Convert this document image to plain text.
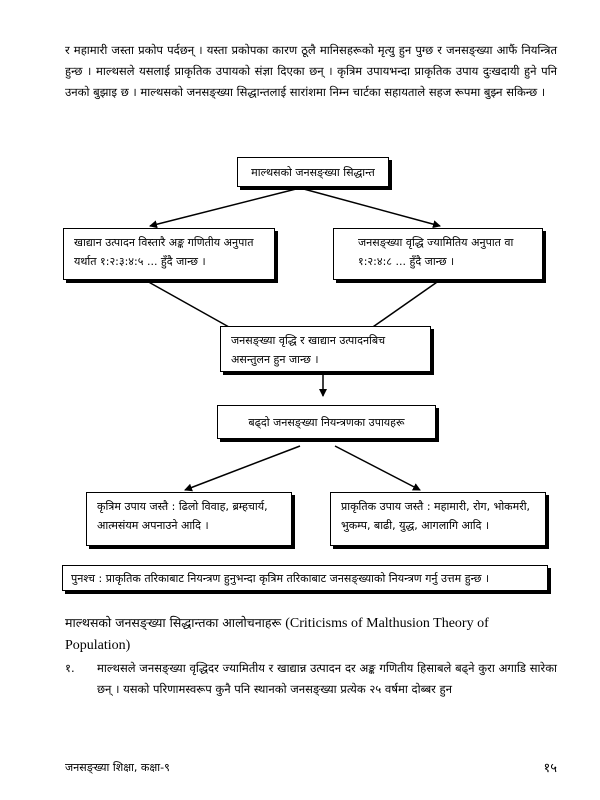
र महामारी जस्ता प्रकोप पर्दछन् । यस्ता प्रकोपका कारण ठूलै मानिसहरूको मृत्यु हुन पुग्छ र जनसङ्ख्या आफैं नियन्त्रित हुन्छ । माल्थसले यसलाई प्राकृतिक उपायको संज्ञा दिएका छन् । कृत्रिम उपायभन्दा प्राकृतिक उपाय दुःखदायी हुने पनि उनको बुझाइ छ । माल्थसको जनसङ्ख्या सिद्धान्तलाई सारांशमा निम्न चार्टका सहायताले सहज रूपमा बुझ्न सकिन्छ ।

माल्थसको जनसङ्ख्या सिद्धान्त
खाद्यान उत्पादन विस्तारै अङ्क गणितीय अनुपात यर्थात १:२:३:४:५ ... हुँदै जान्छ ।
जनसङ्ख्या वृद्धि ज्यामितिय अनुपात वा १:२:४:८ ... हुँदै जान्छ ।
जनसङ्ख्या वृद्धि र खाद्यान उत्पादनबिच असन्तुलन हुन जान्छ ।
बढ्दो जनसङ्ख्या नियन्त्रणका उपायहरू
कृत्रिम उपाय जस्तै : ढिलो विवाह, ब्रम्हचार्य, आत्मसंयम अपनाउने आदि ।
प्राकृतिक उपाय जस्तै : महामारी, रोग, भोकमरी, भुकम्प, बाढी, युद्ध, आगलागि आदि ।
पुनश्च : प्राकृतिक तरिकाबाट नियन्त्रण हुनुभन्दा कृत्रिम तरिकाबाट जनसङ्ख्याको नियन्त्रण गर्नु उत्तम हुन्छ ।

माल्थसको जनसङ्ख्या सिद्धान्तका आलोचनाहरू (Criticisms of Malthusion Theory of Population)

१. माल्थसले जनसङ्ख्या वृद्धिदर ज्यामितीय र खाद्यान्न उत्पादन दर अङ्क गणितीय हिसाबले बढ्ने कुरा अगाडि सारेका छन् । यसको परिणामस्वरूप कुनै पनि स्थानको जनसङ्ख्या प्रत्येक २५ वर्षमा दोब्बर हुन
जनसङ्ख्या शिक्षा, कक्षा-९	१५
